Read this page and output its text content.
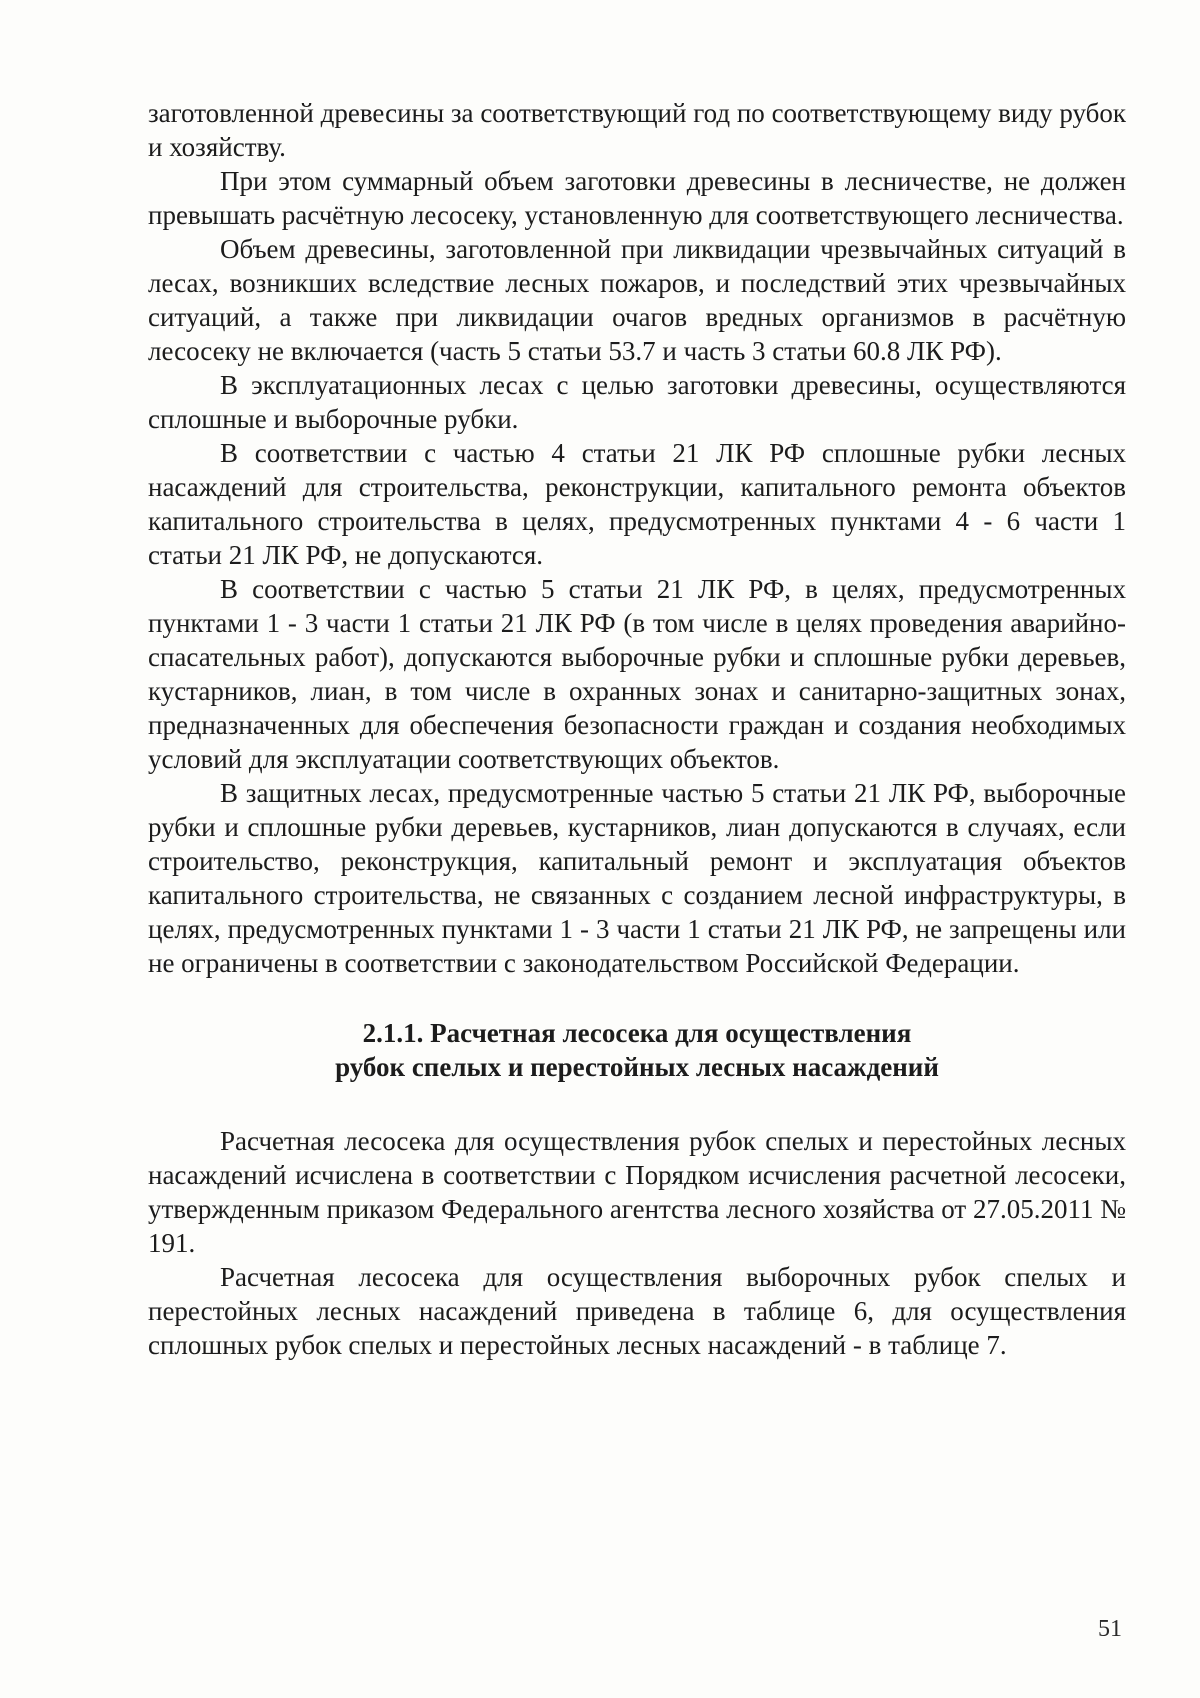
заготовленной древесины за соответствующий год по соответствующему виду рубок и хозяйству.

При этом суммарный объем заготовки древесины в лесничестве, не должен превышать расчётную лесосеку, установленную для соответствующего лесничества.

Объем древесины, заготовленной при ликвидации чрезвычайных ситуаций в лесах, возникших вследствие лесных пожаров, и последствий этих чрезвычайных ситуаций, а также при ликвидации очагов вредных организмов в расчётную лесосеку не включается (часть 5 статьи 53.7 и часть 3 статьи 60.8 ЛК РФ).

В эксплуатационных лесах с целью заготовки древесины, осуществляются сплошные и выборочные рубки.

В соответствии с частью 4 статьи 21 ЛК РФ сплошные рубки лесных насаждений для строительства, реконструкции, капитального ремонта объектов капитального строительства в целях, предусмотренных пунктами 4 - 6 части 1 статьи 21 ЛК РФ, не допускаются.

В соответствии с частью 5 статьи 21 ЛК РФ, в целях, предусмотренных пунктами 1 - 3 части 1 статьи 21 ЛК РФ (в том числе в целях проведения аварийно-спасательных работ), допускаются выборочные рубки и сплошные рубки деревьев, кустарников, лиан, в том числе в охранных зонах и санитарно-защитных зонах, предназначенных для обеспечения безопасности граждан и создания необходимых условий для эксплуатации соответствующих объектов.

В защитных лесах, предусмотренные частью 5 статьи 21 ЛК РФ, выборочные рубки и сплошные рубки деревьев, кустарников, лиан допускаются в случаях, если строительство, реконструкция, капитальный ремонт и эксплуатация объектов капитального строительства, не связанных с созданием лесной инфраструктуры, в целях, предусмотренных пунктами 1 - 3 части 1 статьи 21 ЛК РФ, не запрещены или не ограничены в соответствии с законодательством Российской Федерации.

2.1.1. Расчетная лесосека для осуществления
рубок спелых и перестойных лесных насаждений

Расчетная лесосека для осуществления рубок спелых и перестойных лесных насаждений исчислена в соответствии с Порядком исчисления расчетной лесосеки, утвержденным приказом Федерального агентства лесного хозяйства от 27.05.2011 № 191.

Расчетная лесосека для осуществления выборочных рубок спелых и перестойных лесных насаждений приведена в таблице 6, для осуществления сплошных рубок спелых и перестойных лесных насаждений - в таблице 7.

51
